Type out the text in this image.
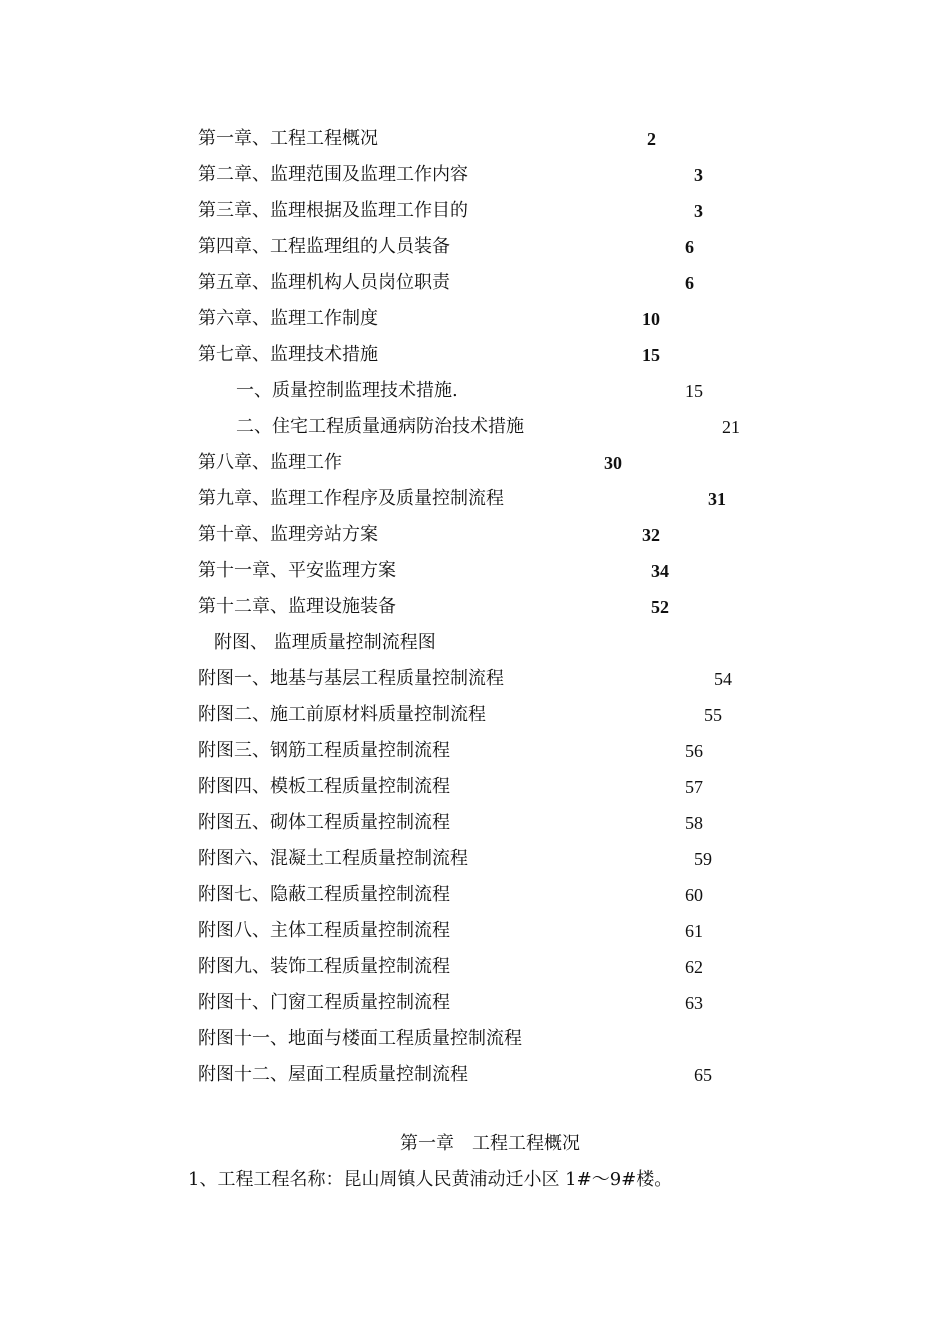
第一章、工程工程概况	2
第二章、监理范围及监理工作内容	3
第三章、监理根据及监理工作目的	3
第四章、工程监理组的人员装备	6
第五章、监理机构人员岗位职责	6
第六章、监理工作制度	10
第七章、监理技术措施	15
一、质量控制监理技术措施.	15
二、住宅工程质量通病防治技术措施	21
第八章、监理工作	30
第九章、监理工作程序及质量控制流程	31
第十章、监理旁站方案	32
第十一章、平安监理方案	34
第十二章、监理设施装备	52
附图、 监理质量控制流程图
附图一、地基与基层工程质量控制流程	54
附图二、施工前原材料质量控制流程	55
附图三、钢筋工程质量控制流程	56
附图四、模板工程质量控制流程	57
附图五、砌体工程质量控制流程	58
附图六、混凝土工程质量控制流程	59
附图七、隐蔽工程质量控制流程	60
附图八、主体工程质量控制流程	61
附图九、装饰工程质量控制流程	62
附图十、门窗工程质量控制流程	63
附图十一、地面与楼面工程质量控制流程
附图十二、屋面工程质量控制流程	65
第一章　工程工程概况
1、工程工程名称：昆山周镇人民黄浦动迁小区 1#～9#楼。
